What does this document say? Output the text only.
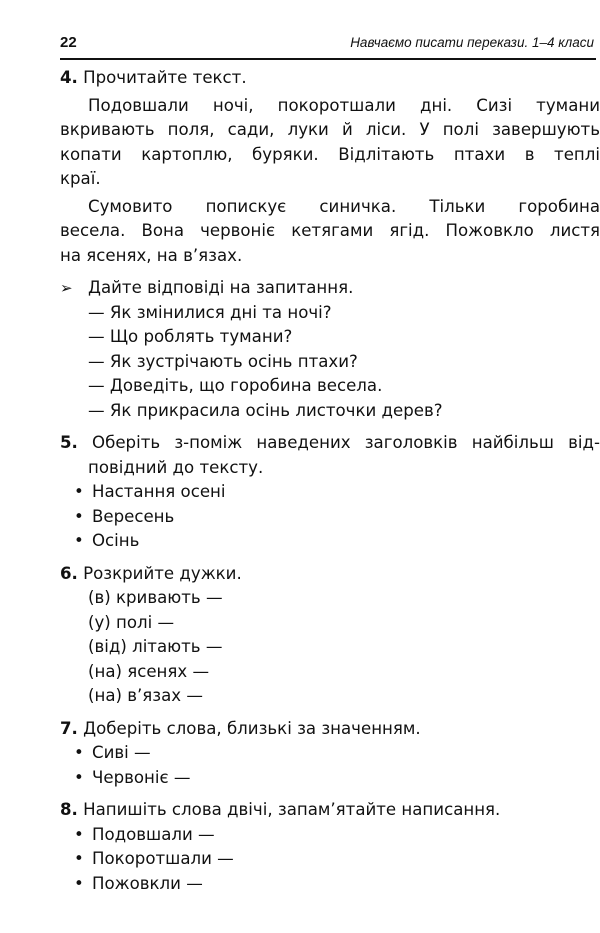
22	Навчаємо писати перекази. 1–4 класи
4. Прочитайте текст.
Подовшали ночі, покоротшали дні. Сизі тумани
вкривають поля, сади, луки й ліси. У полі завершують
копати картоплю, буряки. Відлітають птахи в теплі
краї.
Сумовито попискує синичка. Тільки горобина
весела. Вона червоніє кетягами ягід. Пожовкло листя
на ясенях, на в’язах.
➢ Дайте відповіді на запитання.
— Як змінилися дні та ночі?
— Що роблять тумани?
— Як зустрічають осінь птахи?
— Доведіть, що горобина весела.
— Як прикрасила осінь листочки дерев?
5. Оберіть з-поміж наведених заголовків найбільш від-
повідний до тексту.
• Настання осені
• Вересень
• Осінь
6. Розкрийте дужки.
(в) кривають —
(у) полі —
(від) літають —
(на) ясенях —
(на) в’язах —
7. Доберіть слова, близькі за значенням.
• Сиві —
• Червоніє —
8. Напишіть слова двічі, запам’ятайте написання.
• Подовшали —
• Покоротшали —
• Пожовкли —
